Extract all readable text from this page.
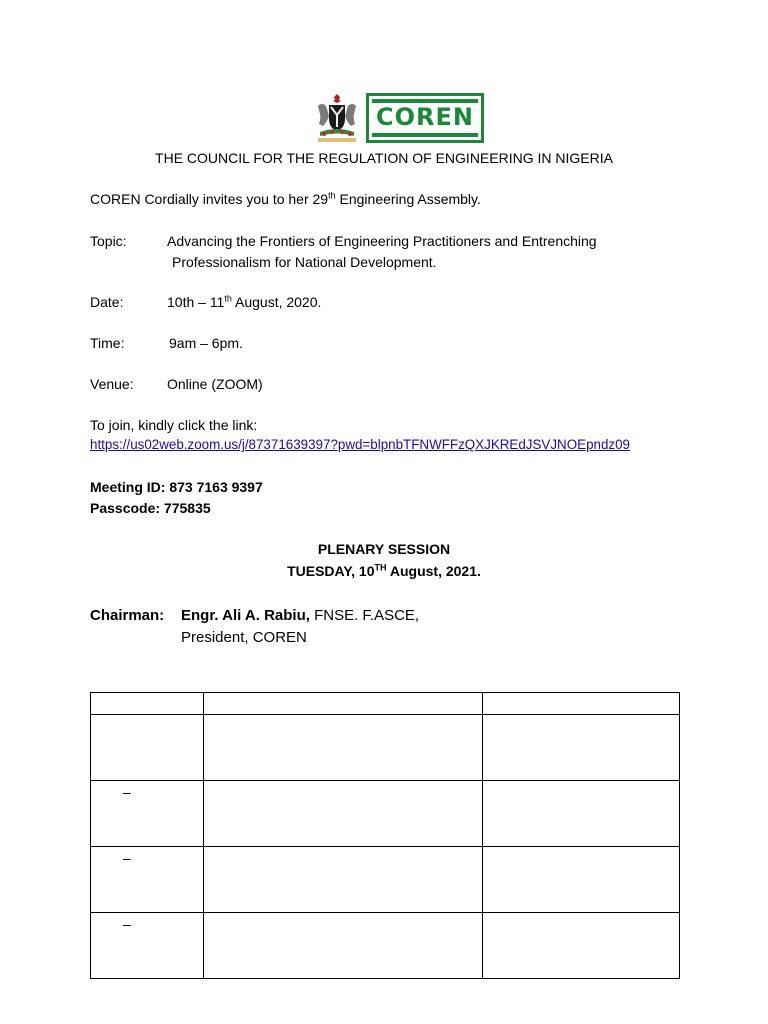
COREN
THE COUNCIL FOR THE REGULATION OF ENGINEERING IN NIGERIA
COREN Cordially invites you to her 29th Engineering Assembly.
Topic:	Advancing the Frontiers of Engineering Practitioners and Entrenching
Professionalism for National Development.
Date:	10th – 11th August, 2020.
Time:	9am – 6pm.
Venue: Online (ZOOM)
To join, kindly click the link:
https://us02web.zoom.us/j/87371639397?pwd=blpnbTFNWFFzQXJKREdJSVJNOEpndz09
Meeting ID: 873 7163 9397
Passcode: 775835
PLENARY SESSION
TUESDAY, 10TH August, 2021.
Chairman: Engr. Ali A. Rabiu, FNSE. F.ASCE,
President, COREN

–		
–		
–		
